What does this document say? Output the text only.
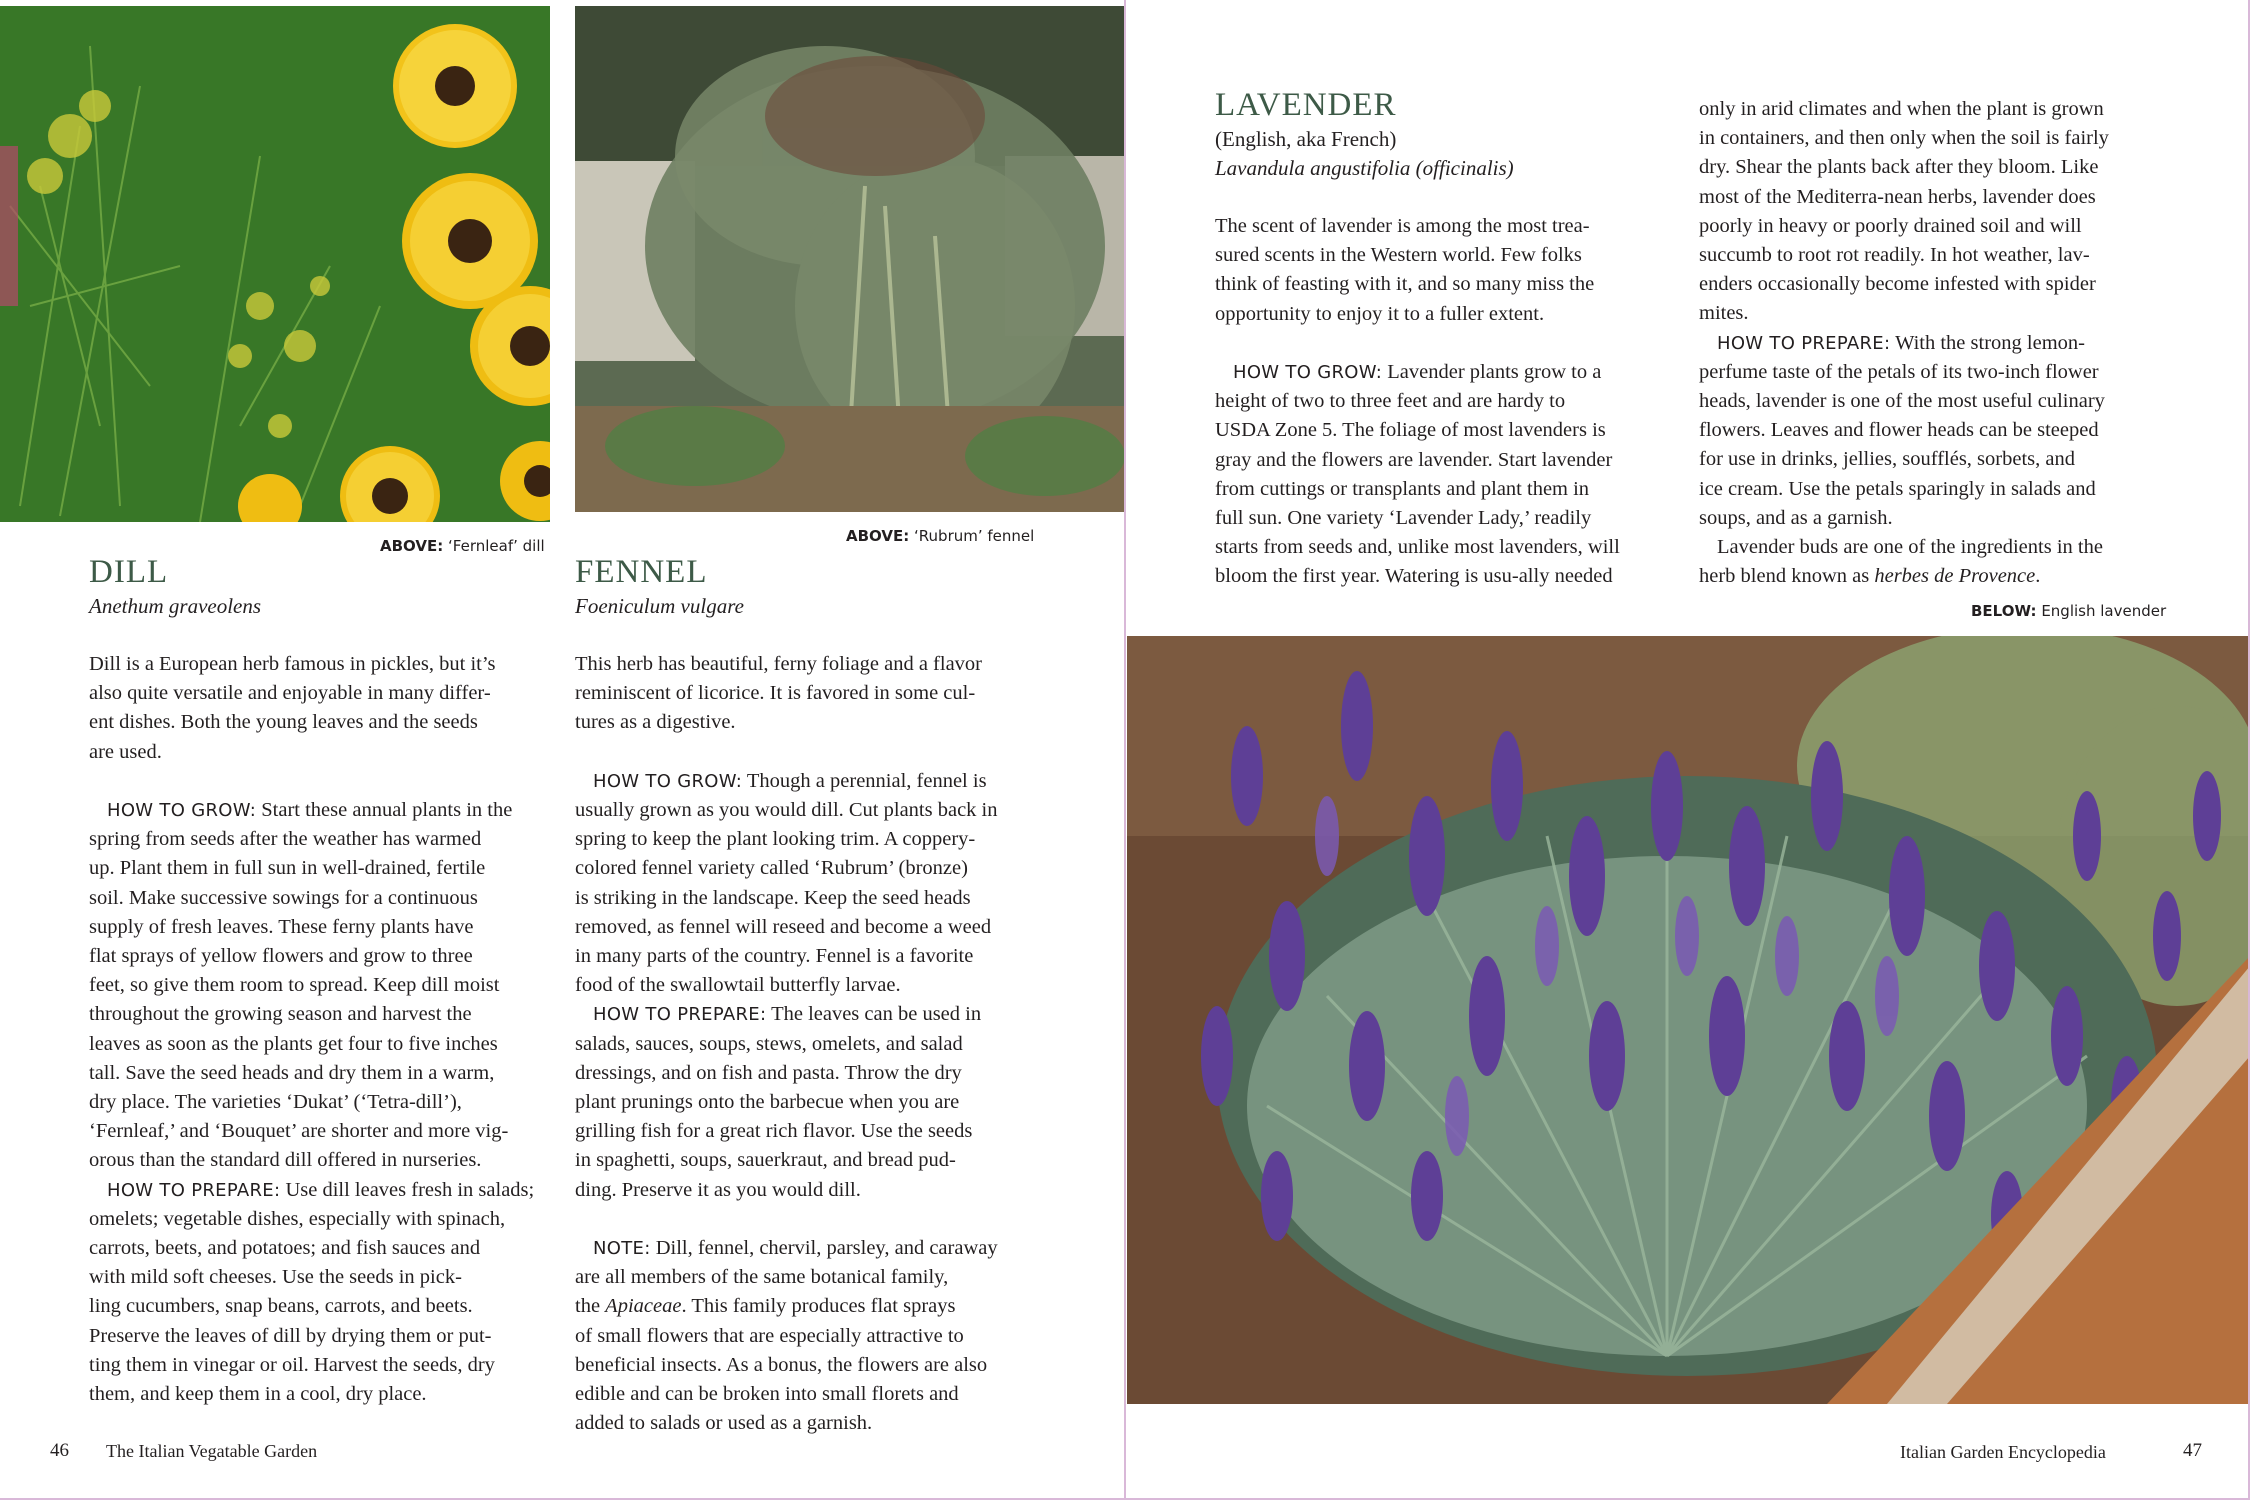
ABOVE: ‘Fernleaf’ dill
ABOVE: ‘Rubrum’ fennel
DILL
Anethum graveolens
Dill is a European herb famous in pickles, but it’s
also quite versatile and enjoyable in many differ-
ent dishes. Both the young leaves and the seeds
are used.

HOW TO GROW: Start these annual plants in the
spring from seeds after the weather has warmed
up. Plant them in full sun in well-drained, fertile
soil. Make successive sowings for a continuous
supply of fresh leaves. These ferny plants have
flat sprays of yellow flowers and grow to three
feet, so give them room to spread. Keep dill moist
throughout the growing season and harvest the
leaves as soon as the plants get four to five inches
tall. Save the seed heads and dry them in a warm,
dry place. The varieties ‘Dukat’ (‘Tetra-dill’),
‘Fernleaf,’ and ‘Bouquet’ are shorter and more vig-
orous than the standard dill offered in nurseries.
HOW TO PREPARE: Use dill leaves fresh in salads;
omelets; vegetable dishes, especially with spinach,
carrots, beets, and potatoes; and fish sauces and
with mild soft cheeses. Use the seeds in pick-
ling cucumbers, snap beans, carrots, and beets.
Preserve the leaves of dill by drying them or put-
ting them in vinegar or oil. Harvest the seeds, dry
them, and keep them in a cool, dry place.
FENNEL
Foeniculum vulgare
This herb has beautiful, ferny foliage and a flavor
reminiscent of licorice. It is favored in some cul-
tures as a digestive.

HOW TO GROW: Though a perennial, fennel is
usually grown as you would dill. Cut plants back in
spring to keep the plant looking trim. A coppery-
colored fennel variety called ‘Rubrum’ (bronze)
is striking in the landscape. Keep the seed heads
removed, as fennel will reseed and become a weed
in many parts of the country. Fennel is a favorite
food of the swallowtail butterfly larvae.
HOW TO PREPARE: The leaves can be used in
salads, sauces, soups, stews, omelets, and salad
dressings, and on fish and pasta. Throw the dry
plant prunings onto the barbecue when you are
grilling fish for a great rich flavor. Use the seeds
in spaghetti, soups, sauerkraut, and bread pud-
ding. Preserve it as you would dill.

NOTE: Dill, fennel, chervil, parsley, and caraway
are all members of the same botanical family,
the Apiaceae. This family produces flat sprays
of small flowers that are especially attractive to
beneficial insects. As a bonus, the flowers are also
edible and can be broken into small florets and
added to salads or used as a garnish.
46 The Italian Vegatable Garden
LAVENDER
(English, aka French)
Lavandula angustifolia (officinalis)
The scent of lavender is among the most trea-
sured scents in the Western world. Few folks
think of feasting with it, and so many miss the
opportunity to enjoy it to a fuller extent.

HOW TO GROW: Lavender plants grow to a
height of two to three feet and are hardy to
USDA Zone 5. The foliage of most lavenders is
gray and the flowers are lavender. Start lavender
from cuttings or transplants and plant them in
full sun. One variety ‘Lavender Lady,’ readily
starts from seeds and, unlike most lavenders, will
bloom the first year. Watering is usu-ally needed
only in arid climates and when the plant is grown
in containers, and then only when the soil is fairly
dry. Shear the plants back after they bloom. Like
most of the Mediterra-nean herbs, lavender does
poorly in heavy or poorly drained soil and will
succumb to root rot readily. In hot weather, lav-
enders occasionally become infested with spider
mites.
HOW TO PREPARE: With the strong lemon-
perfume taste of the petals of its two-inch flower
heads, lavender is one of the most useful culinary
flowers. Leaves and flower heads can be steeped
for use in drinks, jellies, soufflés, sorbets, and
ice cream. Use the petals sparingly in salads and
soups, and as a garnish.
Lavender buds are one of the ingredients in the
herb blend known as herbes de Provence.
BELOW: English lavender
Italian Garden Encyclopedia	47
